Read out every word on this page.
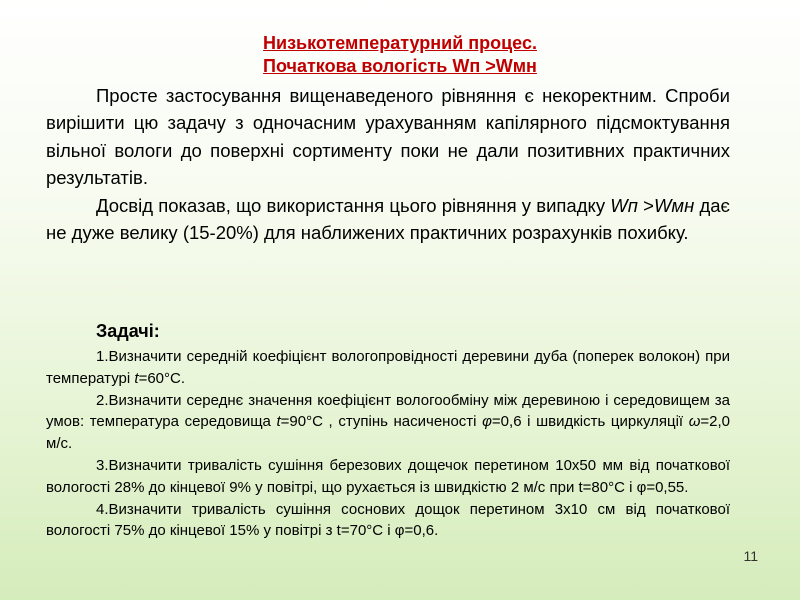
Низькотемпературний процес.
Початкова вологість Wп >Wмн

Просте застосування вищенаведеного рівняння є некоректним. Спроби вирішити цю задачу з одночасним урахуванням капілярного підсмоктування вільної вологи до поверхні сортименту поки не дали позитивних практичних результатів.

Досвід показав, що використання цього рівняння у випадку Wп >Wмн дає не дуже велику (15-20%) для наближених практичних розрахунків похибку.

Задачі:

1.Визначити середній коефіцієнт вологопровідності деревини дуба (поперек волокон) при температурі t=60°С.

2.Визначити середнє значення коефіцієнт вологообміну між деревиною і середовищем за умов: температура середовища t=90°С , ступінь насиченості φ=0,6 і швидкість циркуляції ω=2,0 м/с.

3.Визначити тривалість сушіння березових дощечок перетином 10х50 мм від початкової вологості 28% до кінцевої 9% у повітрі, що рухається із швидкістю 2 м/с при t=80°С і φ=0,55.

4.Визначити тривалість сушіння соснових дощок перетином 3х10 см від початкової вологості 75% до кінцевої 15% у повітрі з t=70°С і φ=0,6.

11
